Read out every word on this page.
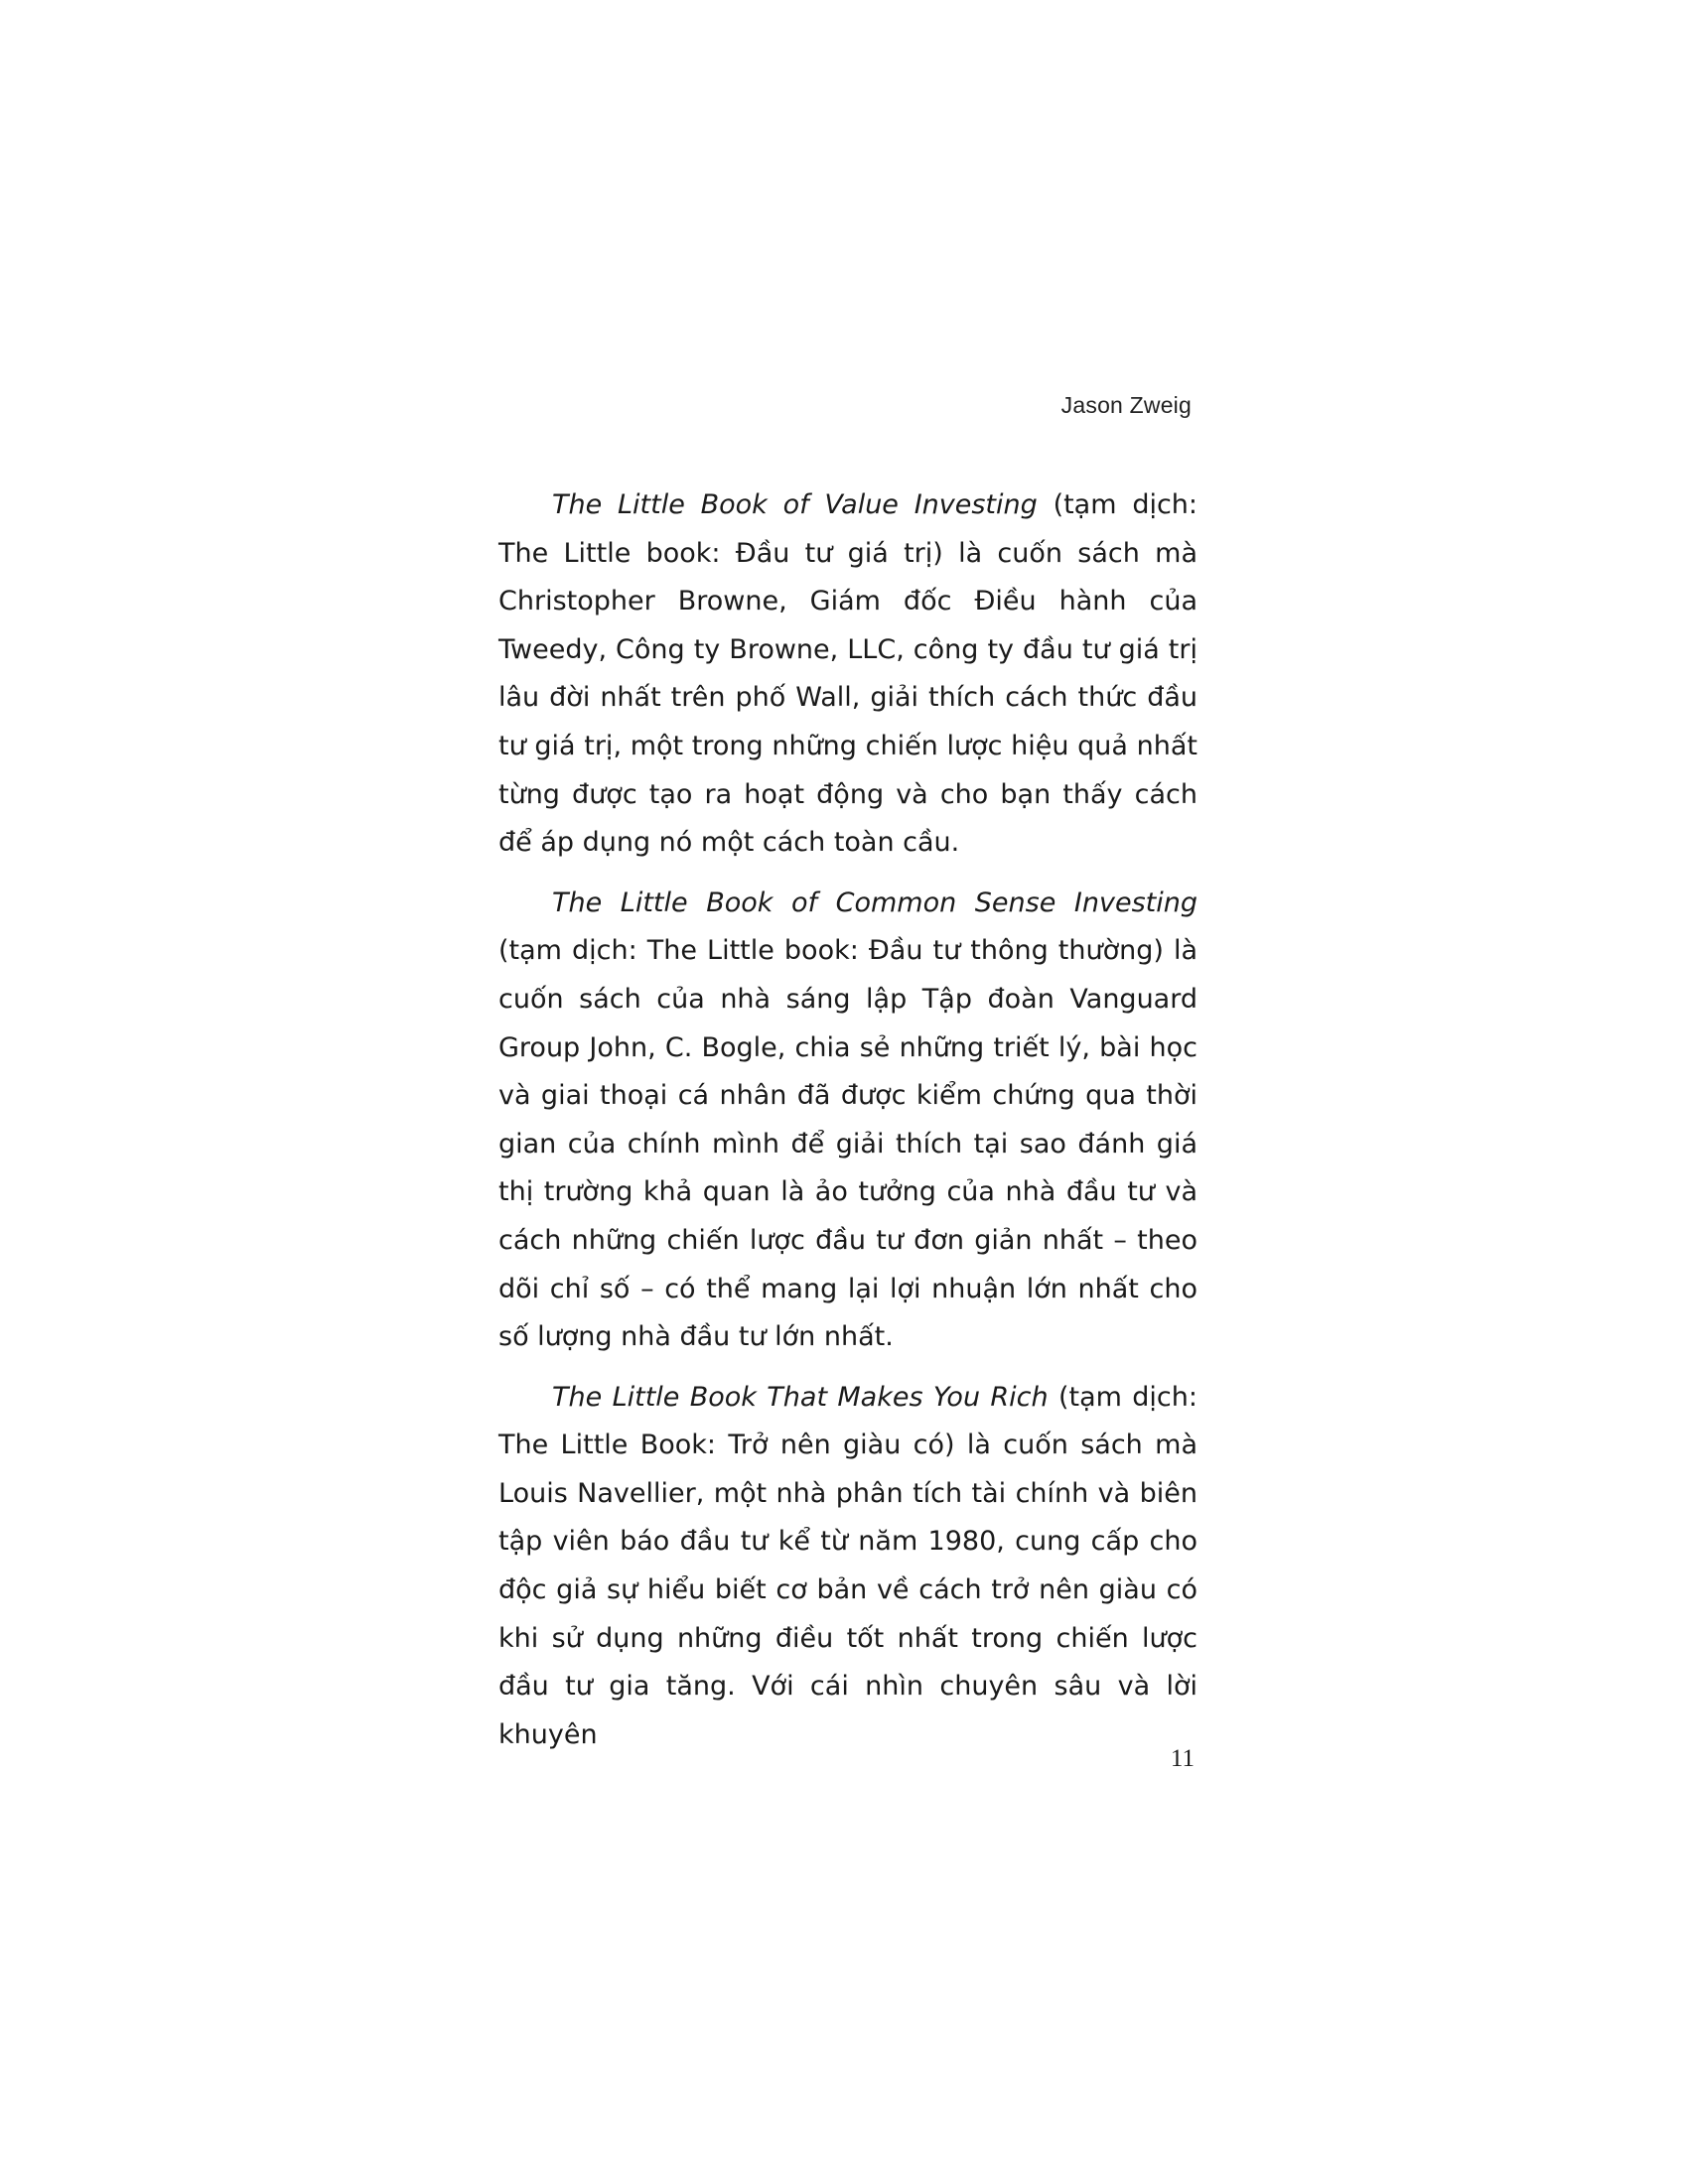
Jason Zweig

The Little Book of Value Investing (tạm dịch: The Little book: Đầu tư giá trị) là cuốn sách mà Christopher Browne, Giám đốc Điều hành của Tweedy, Công ty Browne, LLC, công ty đầu tư giá trị lâu đời nhất trên phố Wall, giải thích cách thức đầu tư giá trị, một trong những chiến lược hiệu quả nhất từng được tạo ra hoạt động và cho bạn thấy cách để áp dụng nó một cách toàn cầu.

The Little Book of Common Sense Investing (tạm dịch: The Little book: Đầu tư thông thường) là cuốn sách của nhà sáng lập Tập đoàn Vanguard Group John, C. Bogle, chia sẻ những triết lý, bài học và giai thoại cá nhân đã được kiểm chứng qua thời gian của chính mình để giải thích tại sao đánh giá thị trường khả quan là ảo tưởng của nhà đầu tư và cách những chiến lược đầu tư đơn giản nhất – theo dõi chỉ số – có thể mang lại lợi nhuận lớn nhất cho số lượng nhà đầu tư lớn nhất.

The Little Book That Makes You Rich (tạm dịch: The Little Book: Trở nên giàu có) là cuốn sách mà Louis Navellier, một nhà phân tích tài chính và biên tập viên báo đầu tư kể từ năm 1980, cung cấp cho độc giả sự hiểu biết cơ bản về cách trở nên giàu có khi sử dụng những điều tốt nhất trong chiến lược đầu tư gia tăng. Với cái nhìn chuyên sâu và lời khuyên

11
